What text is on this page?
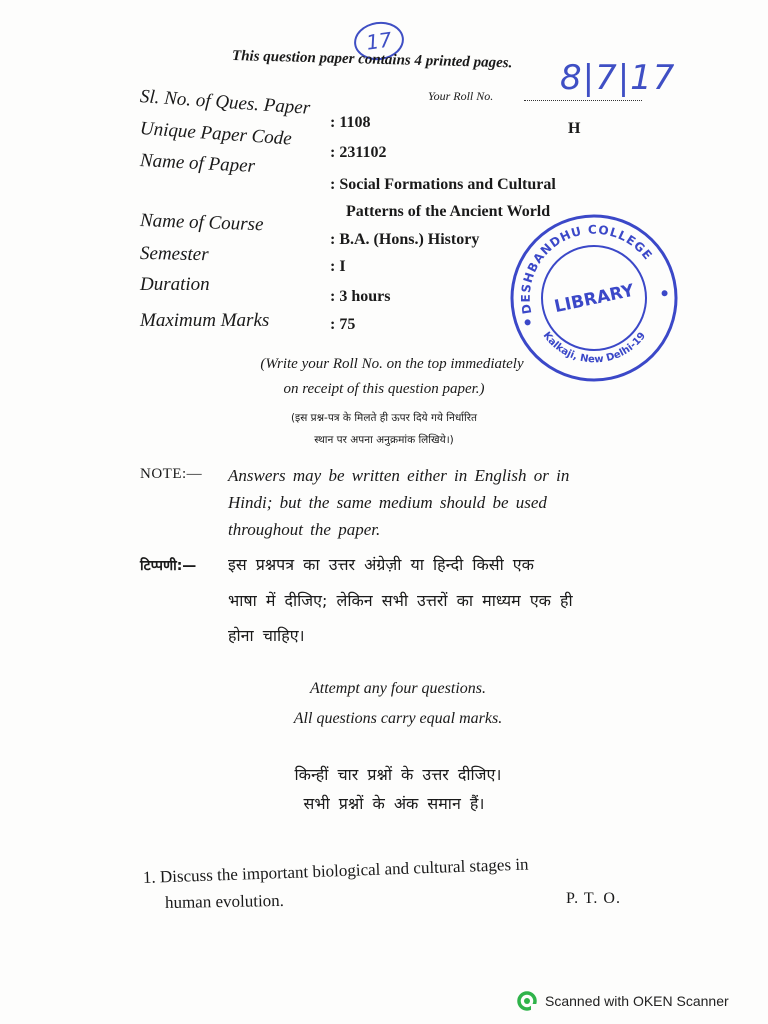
17
This question paper contains 4 printed pages.
Your Roll No. 8|7|17
H
Sl. No. of Ques. Paper
: 1108
Unique Paper Code
: 231102
Name of Paper
: Social Formations and Cultural
Patterns of the Ancient World
Name of Course
: B.A. (Hons.) History
Semester
: I
Duration
: 3 hours
Maximum Marks	: 75
DESHBANDHU COLLEGE
LIBRARY
Kalkaji, New Delhi-19
(Write your Roll No. on the top immediately
on receipt of this question paper.)
(इस प्रश्न-पत्र के मिलते ही ऊपर दिये गये निर्धारित
स्थान पर अपना अनुक्रमांक लिखिये।)
NOTE:— Answers may be written either in English or in
Hindi; but the same medium should be used
throughout the paper.
टिप्पणी:— इस प्रश्नपत्र का उत्तर अंग्रेज़ी या हिन्दी किसी एक
भाषा में दीजिए; लेकिन सभी उत्तरों का माध्यम एक ही
होना चाहिए।
Attempt any four questions.
All questions carry equal marks.
किन्हीं चार प्रश्नों के उत्तर दीजिए।
सभी प्रश्नों के अंक समान हैं।
1. Discuss the important biological and cultural stages in
human evolution.	P. T. O.
Scanned with OKEN Scanner
